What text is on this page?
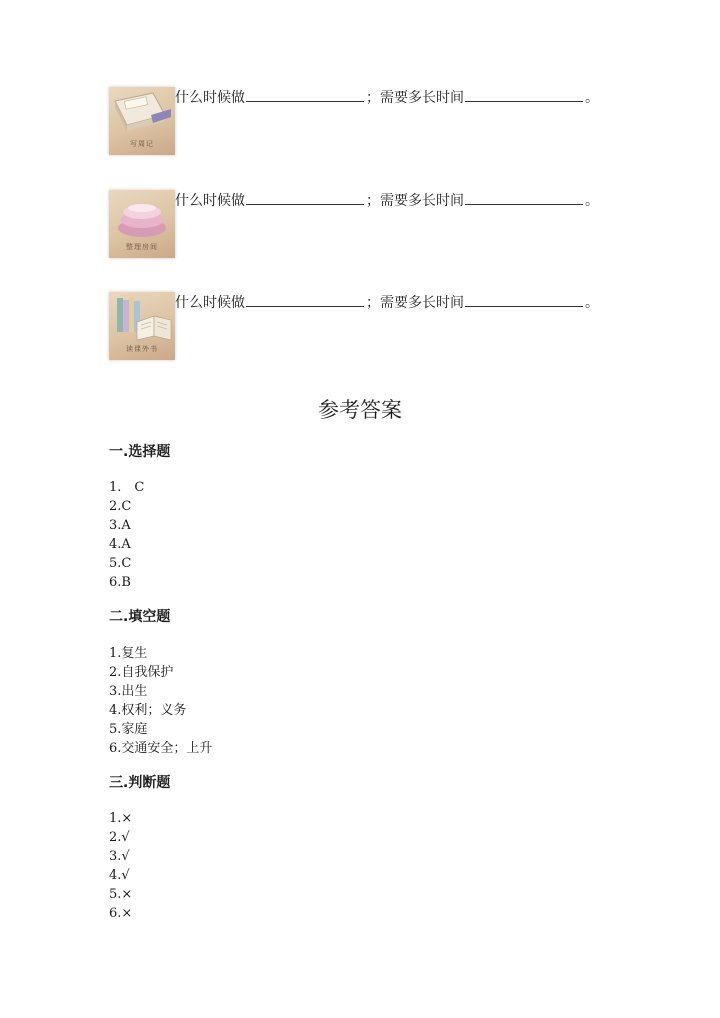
写周记
什么时候做	；需要多长时间	。
整理房间
什么时候做	；需要多长时间	。
读课外书
什么时候做	；需要多长时间	。
参考答案
一.选择题
1.　C
2.C
3.A
4.A
5.C
6.B
二.填空题
1.复生
2.自我保护
3.出生
4.权利；义务
5.家庭
6.交通安全；上升
三.判断题
1.×
2.√
3.√
4.√
5.×
6.×
